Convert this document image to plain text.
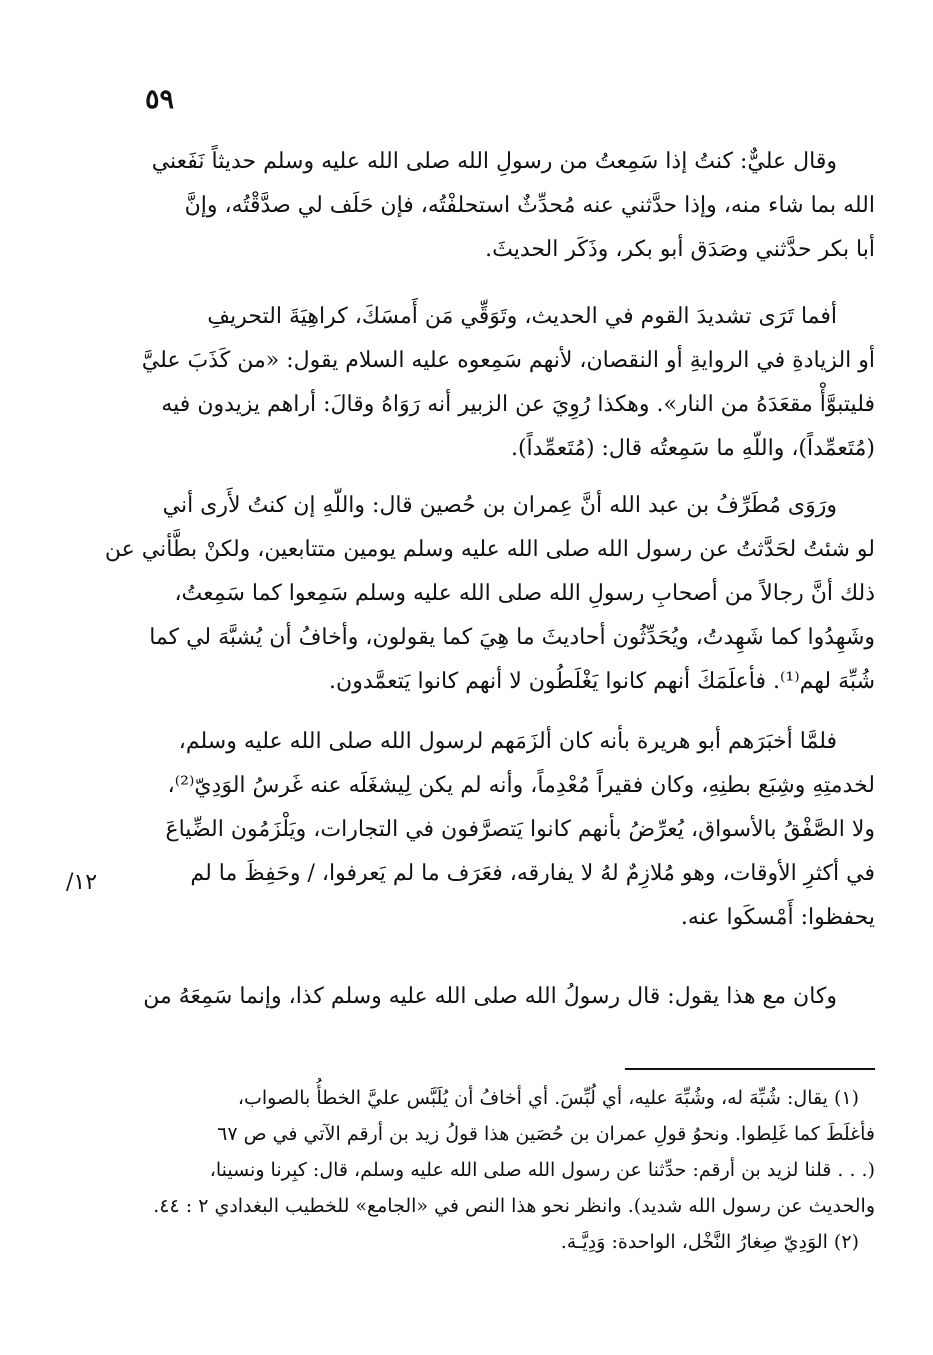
٥٩
١٢/
وقال عليٌّ: كنتُ إذا سَمِعتُ من رسولِ الله صلى الله عليه وسلم حديثاً نَفَعني
الله بما شاء منه، وإذا حدَّثني عنه مُحدِّثٌ استحلفْتُه، فإن حَلَف لي صدَّقْتُه، وإنَّ
أبا بكر حدَّثني وصَدَق أبو بكر، وذَكَر الحديثَ.
أفما تَرَى تشديدَ القوم في الحديث، وتَوَقِّي مَن أَمسَكَ، كراهِيَةَ التحريفِ
أو الزيادةِ في الروايةِ أو النقصان، لأنهم سَمِعوه عليه السلام يقول: «من كَذَبَ عليَّ
فليتبوَّأْ مقعَدَهُ من النار». وهكذا رُوِيَ عن الزبير أنه رَوَاهُ وقالَ: أراهم يزيدون فيه
(مُتَعمِّداً)، واللّهِ ما سَمِعتُه قال: (مُتَعمِّداً).
ورَوَى مُطَرِّفُ بن عبد الله أنَّ عِمران بن حُصين قال: واللّهِ إن كنتُ لأَرى أني
لو شئتُ لحَدَّثتُ عن رسول الله صلى الله عليه وسلم يومين متتابعين، ولكنْ بطَّأني عن
ذلك أنَّ رجالاً من أصحابِ رسولِ الله صلى الله عليه وسلم سَمِعوا كما سَمِعتُ،
وشَهِدُوا كما شَهِدتُ، ويُحَدِّثُون أحاديثَ ما هِيَ كما يقولون، وأخافُ أن يُشبَّهَ لي كما
شُبِّهَ لهم⁽¹⁾. فأعلَمَكَ أنهم كانوا يَغْلَطُون لا أنهم كانوا يَتعمَّدون.
فلمَّا أخبَرَهم أبو هريرة بأنه كان ألزَمَهم لرسول الله صلى الله عليه وسلم،
لخدمتِهِ وشِبَع بطنِهِ، وكان فقيراً مُعْدِماً، وأنه لم يكن لِيشغَلَه عنه غَرسُ الوَدِيّ⁽²⁾،
ولا الصَّفْقُ بالأسواق، يُعرِّضُ بأنهم كانوا يَتصرَّفون في التجارات، ويَلْزَمُون الضِّياعَ
في أكثرِ الأوقات، وهو مُلازِمٌ لهُ لا يفارقه، فعَرَف ما لم يَعرفوا، / وحَفِظَ ما لم
يحفظوا: أَمْسكَوا عنه.
وكان مع هذا يقول: قال رسولُ الله صلى الله عليه وسلم كذا، وإنما سَمِعَهُ من
(١) يقال: شُبِّهَ له، وشُبِّهَ عليه، أي لُبِّسَ. أي أخافُ أن يُلَبَّس عليَّ الخطأُ بالصواب،
فأغلَطَ كما غَلِطوا. ونحوُ قولِ عمران بن حُصَين هذا قولُ زيد بن أرقم الآتي في ص ٦٧
(. . . قلنا لزيد بن أرقم: حدِّثنا عن رسول الله صلى الله عليه وسلم، قال: كبِرنا ونسينا،
والحديث عن رسول الله شديد). وانظر نحو هذا النص في «الجامع» للخطيب البغدادي ٢ : ٤٤.
(٢) الوَدِيّ صِغارُ النَّخْل، الواحدة: وَدِيَّـة.
